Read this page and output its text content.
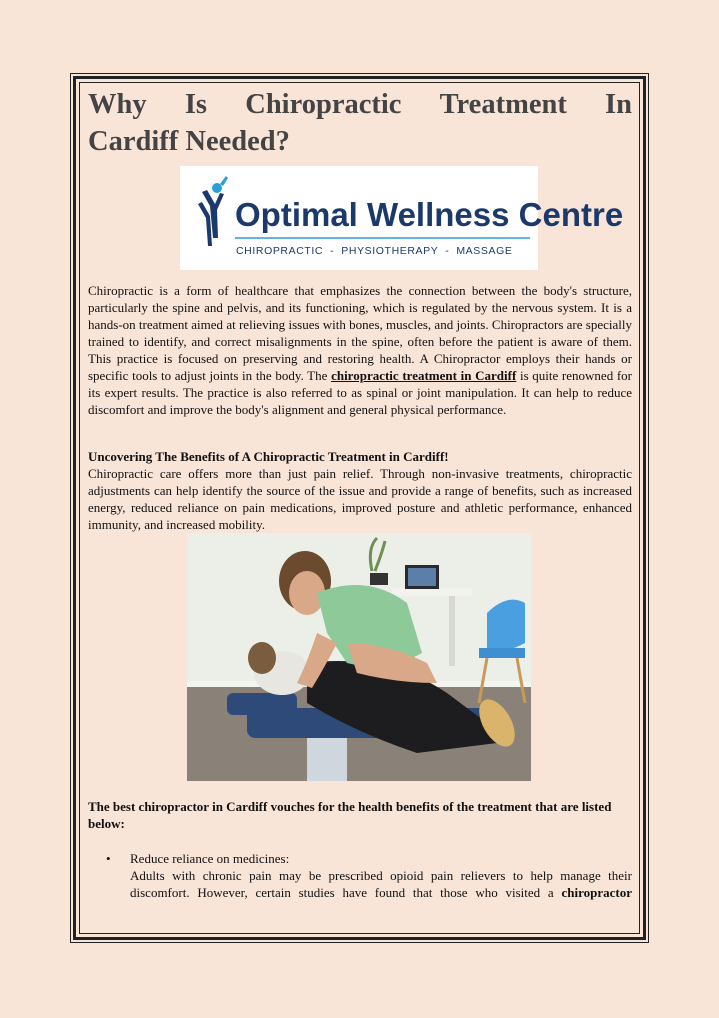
Why Is Chiropractic Treatment In
Cardiff Needed?
Optimal Wellness Centre
CHIROPRACTIC  -  PHYSIOTHERAPY  -  MASSAGE

Chiropractic is a form of healthcare that emphasizes the connection between the body's structure, particularly the spine and pelvis, and its functioning, which is regulated by the nervous system. It is a hands-on treatment aimed at relieving issues with bones, muscles, and joints. Chiropractors are specially trained to identify, and correct misalignments in the spine, often before the patient is aware of them. This practice is focused on preserving and restoring health. A Chiropractor employs their hands or specific tools to adjust joints in the body. The chiropractic treatment in Cardiff is quite renowned for its expert results. The practice is also referred to as spinal or joint manipulation. It can help to reduce discomfort and improve the body's alignment and general physical performance.

Uncovering The Benefits of A Chiropractic Treatment in Cardiff!

Chiropractic care offers more than just pain relief. Through non-invasive treatments, chiropractic adjustments can help identify the source of the issue and provide a range of benefits, such as increased energy, reduced reliance on pain medications, improved posture and athletic performance, enhanced immunity, and increased mobility.

The best chiropractor in Cardiff vouches for the health benefits of the treatment that are listed below:

•	Reduce reliance on medicines:
Adults with chronic pain may be prescribed opioid pain relievers to help manage their discomfort. However, certain studies have found that those who visited a chiropractor
